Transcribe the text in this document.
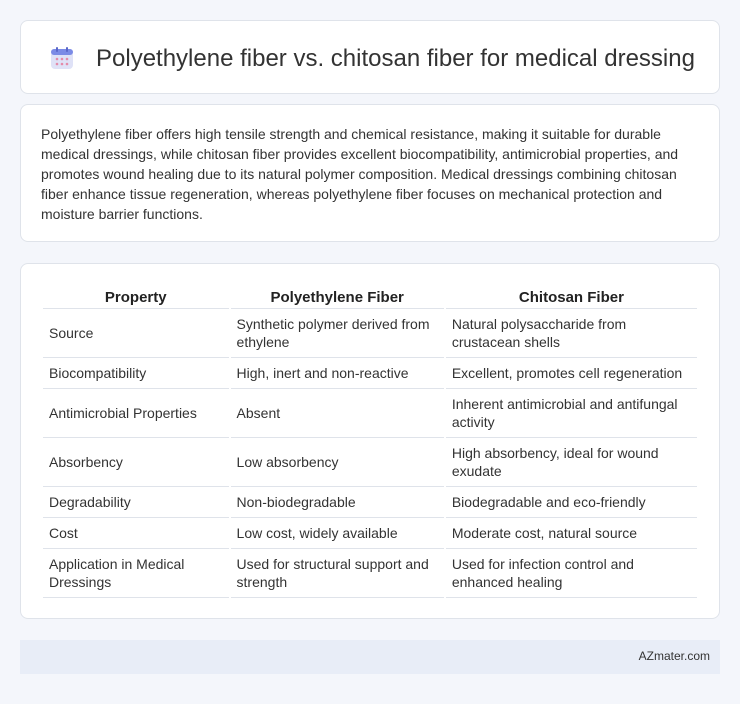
Polyethylene fiber vs. chitosan fiber for medical dressing

Polyethylene fiber offers high tensile strength and chemical resistance, making it suitable for durable medical dressings, while chitosan fiber provides excellent biocompatibility, antimicrobial properties, and promotes wound healing due to its natural polymer composition. Medical dressings combining chitosan fiber enhance tissue regeneration, whereas polyethylene fiber focuses on mechanical protection and moisture barrier functions.

Property	Polyethylene Fiber	Chitosan Fiber
Source	Synthetic polymer derived from ethylene	Natural polysaccharide from crustacean shells
Biocompatibility	High, inert and non-reactive	Excellent, promotes cell regeneration
Antimicrobial Properties	Absent	Inherent antimicrobial and antifungal activity
Absorbency	Low absorbency	High absorbency, ideal for wound exudate
Degradability	Non-biodegradable	Biodegradable and eco-friendly
Cost	Low cost, widely available	Moderate cost, natural source
Application in Medical Dressings	Used for structural support and strength	Used for infection control and enhanced healing
AZmater.com
